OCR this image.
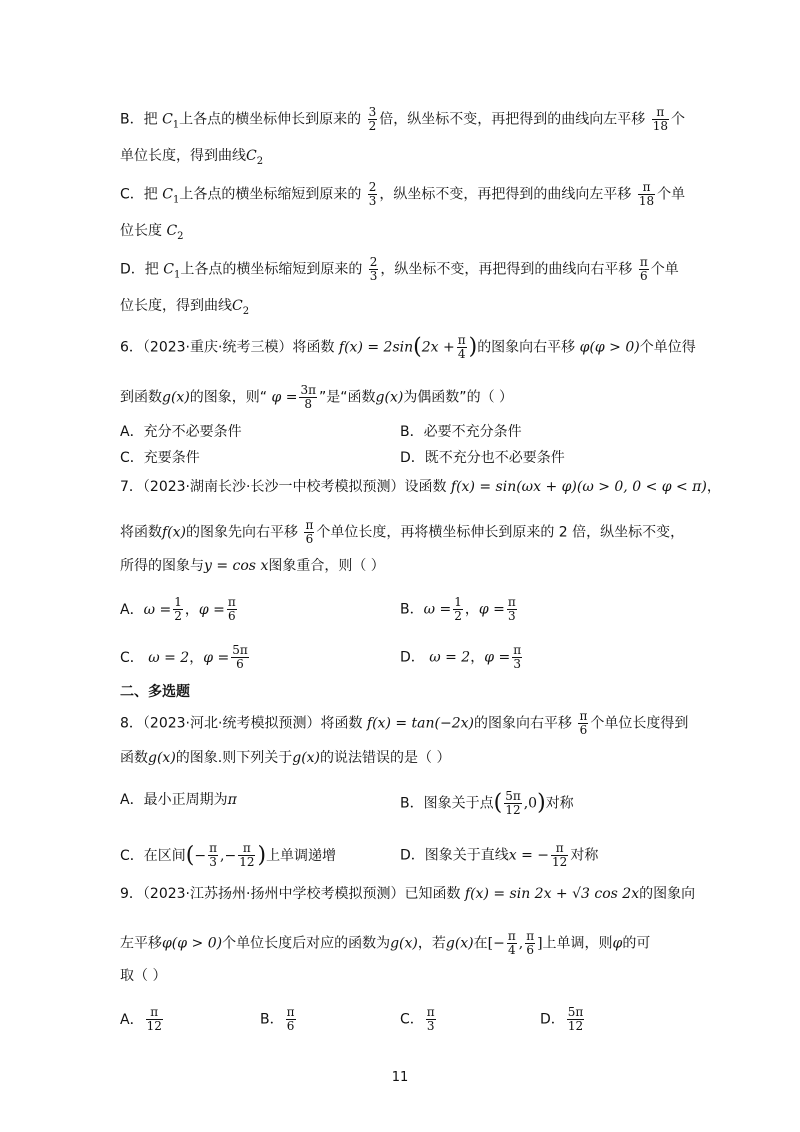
B．把 $C_1$上各点的横坐标伸长到原来的 $\frac{3}{2}$ 倍，纵坐标不变，再把得到的曲线向左平移 $\frac{\pi}{18}$ 个
单位长度，得到曲线$C_2$
C．把 $C_1$上各点的横坐标缩短到原来的 $\frac{2}{3}$ ，纵坐标不变，再把得到的曲线向左平移 $\frac{\pi}{18}$ 个单
位长度 $C_2$
D．把 $C_1$上各点的横坐标缩短到原来的 $\frac{2}{3}$ ，纵坐标不变，再把得到的曲线向右平移 $\frac{\pi}{6}$ 个单
位长度，得到曲线$C_2$
6．（2023·重庆·统考三模）将函数 $f(x) = 2\sin(2x + \frac{\pi}{4}$ )的图象向右平移 φ(φ > 0)个单位得
到函数g(x)的图象，则“ $\varphi = \frac{3\pi}{8}$ ”是“函数g(x)为偶函数”的（ ）
A．充分不必要条件	B．必要不充分条件
C．充要条件	D．既不充分也不必要条件
7．（2023·湖南长沙·长沙一中校考模拟预测）设函数 f(x) = sin(ωx + φ)(ω > 0, 0 < φ < π)，
将函数f(x)的图象先向右平移 $\frac{\pi}{6}$ 个单位长度，再将横坐标伸长到原来的 2 倍，纵坐标不变，
所得的图象与y = cos x图象重合，则（ ）
A．$\omega = \frac{1}{2}$ ，$\varphi = \frac{\pi}{6}$	B．$\omega = \frac{1}{2}$ ，$\varphi = \frac{\pi}{3}$
C． ω = 2，$\varphi = \frac{5\pi}{6}$	D． ω = 2，$\varphi = \frac{\pi}{3}$
二、多选题
8．（2023·河北·统考模拟预测）将函数 f(x) = tan(−2x)的图象向右平移 $\frac{\pi}{6}$ 个单位长度得到
函数g(x)的图象.则下列关于g(x)的说法错误的是（ ）
A．最小正周期为π	B．图象关于点( $\frac{5\pi}{12} ,0$)对称
C．在区间(− $\frac{\pi}{3}$ ,− $\frac{\pi}{12}$ )上单调递增	D．图象关于直线x = − $\frac{\pi}{12}$ 对称
9．（2023·江苏扬州·扬州中学校考模拟预测）已知函数 f(x) = sin 2x + √3 cos 2x的图象向
左平移φ(φ > 0)个单位长度后对应的函数为g(x)，若g(x)在[− $\frac{\pi}{4}$ , $\frac{\pi}{6}$ ]上单调，则φ的可
取（ ）
A． $\frac{\pi}{12}$	B． $\frac{\pi}{6}$	C． $\frac{\pi}{3}$	D． $\frac{5\pi}{12}$
11
